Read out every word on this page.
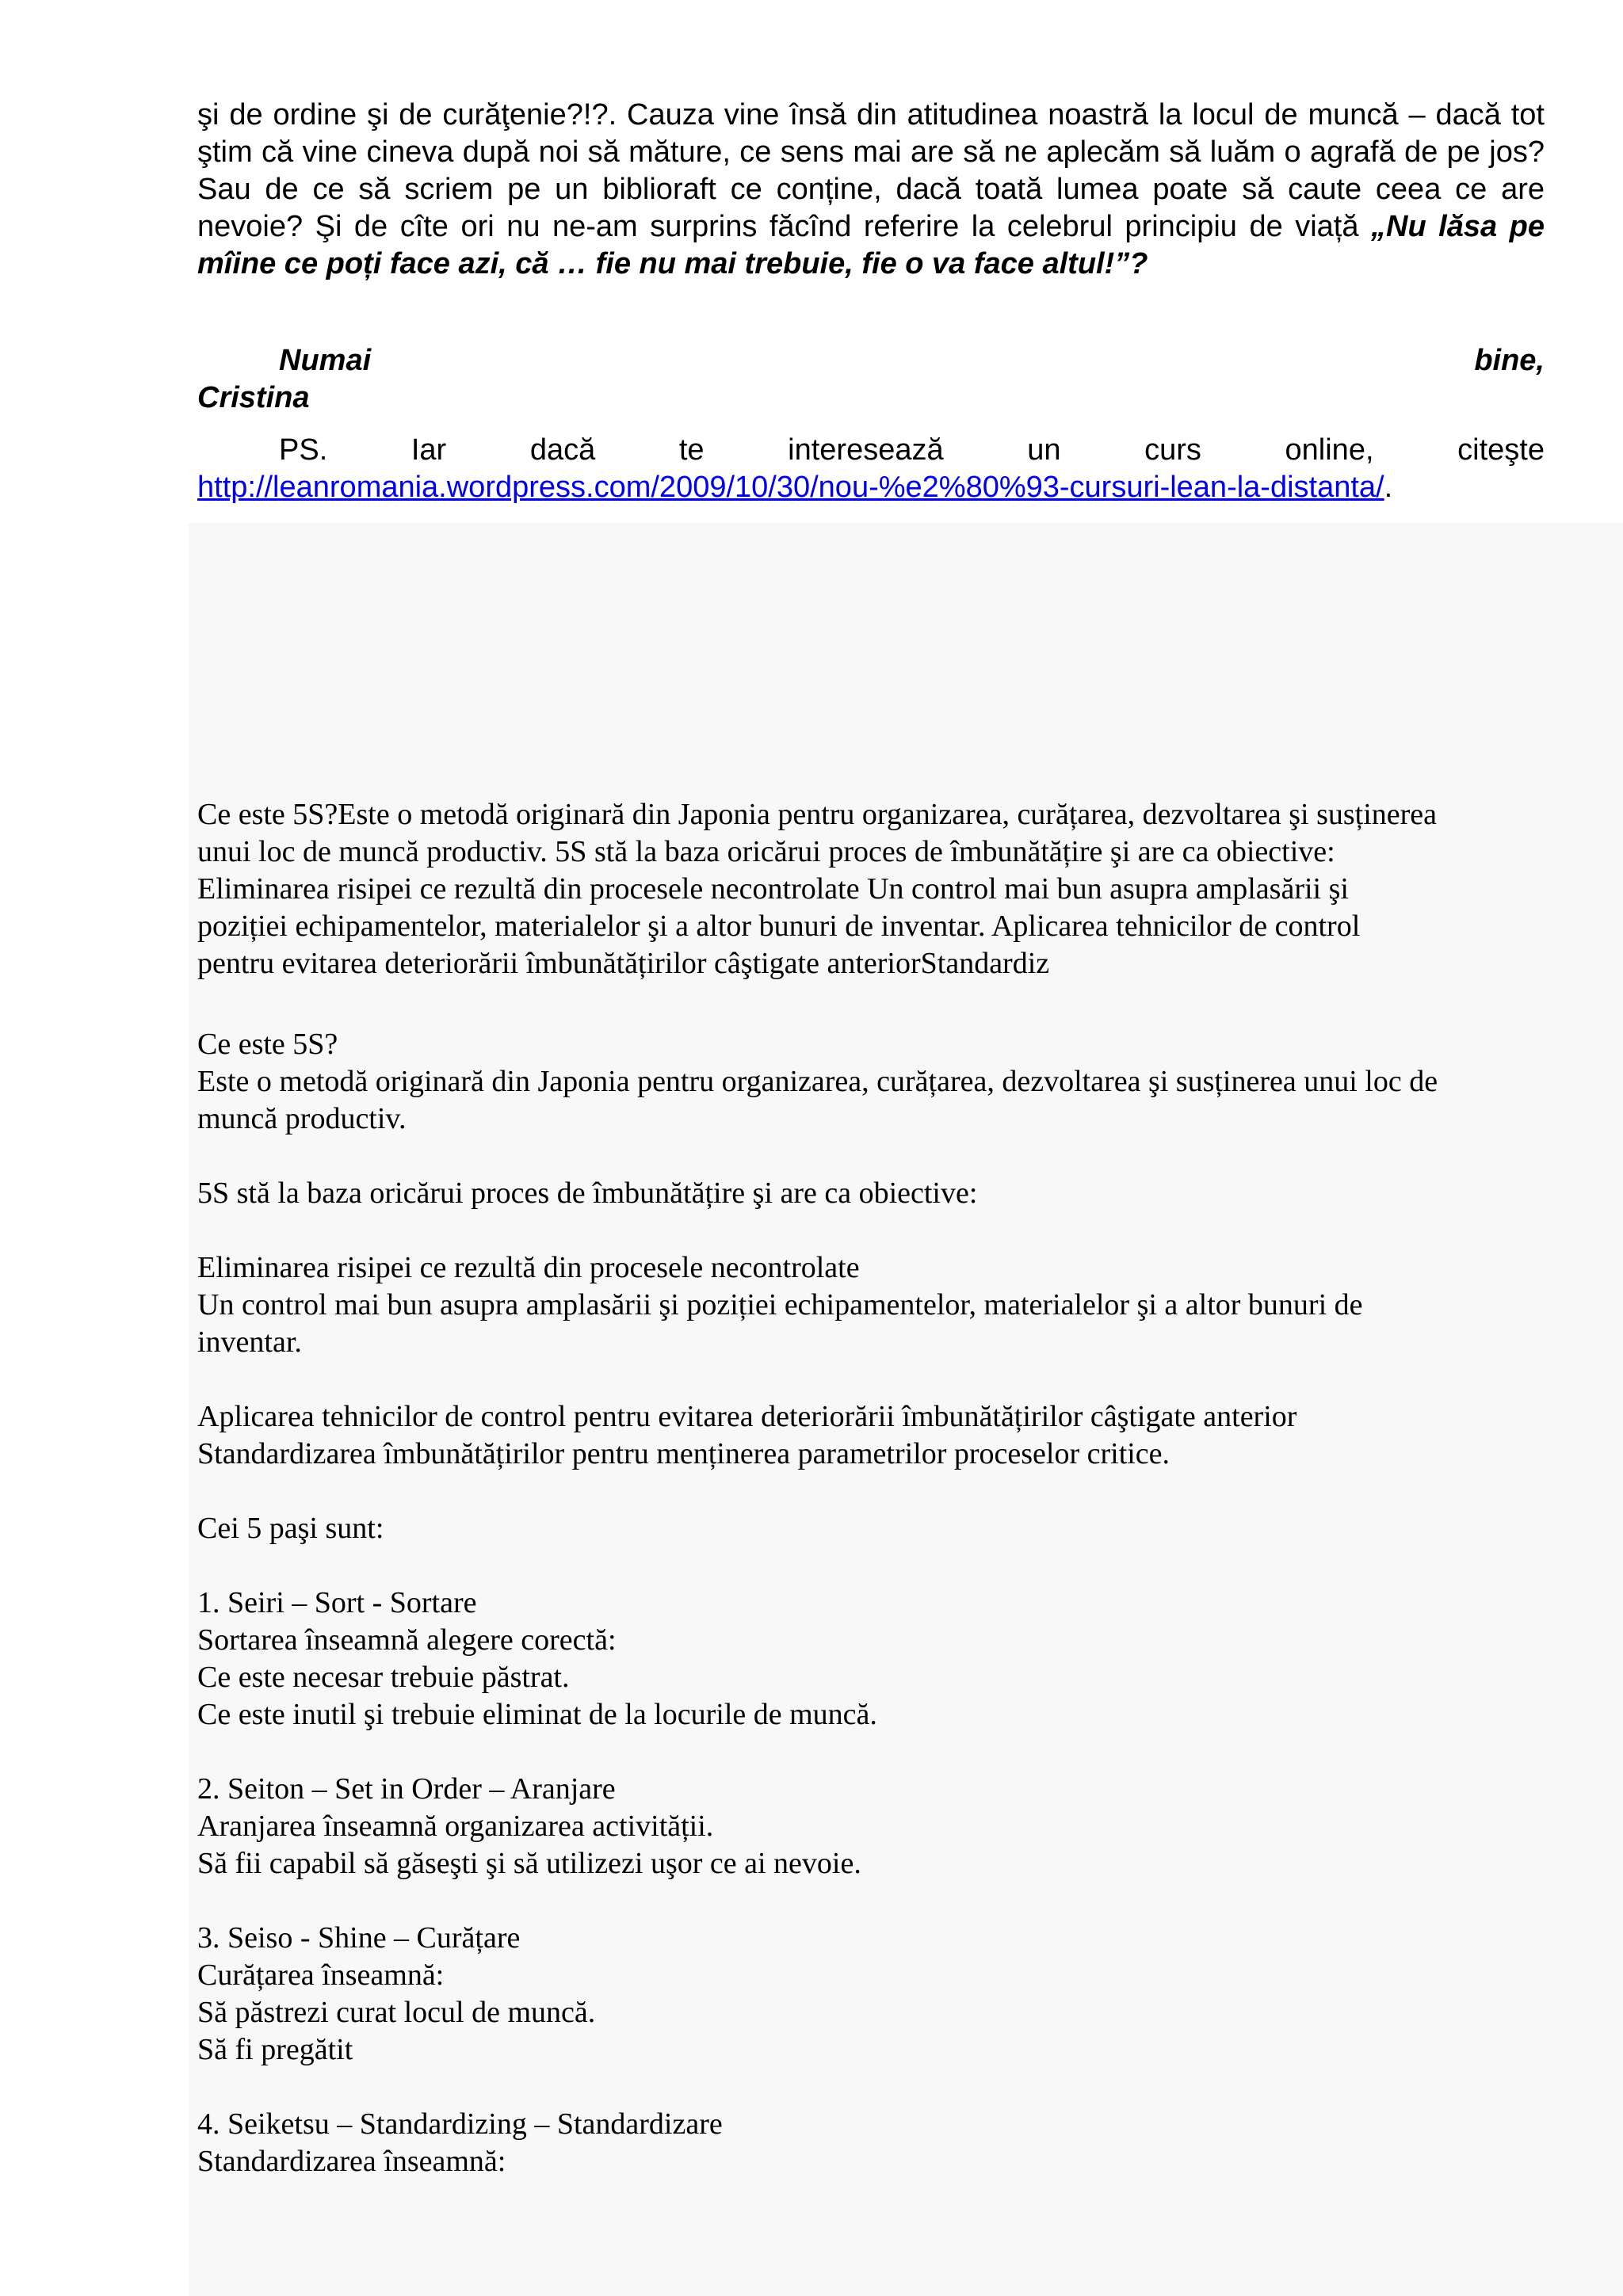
şi de ordine şi de curăţenie?!?. Cauza vine însă din atitudinea noastră la locul de muncă – dacă tot ştim că vine cineva după noi să măture, ce sens mai are să ne aplecăm să luăm o agrafă de pe jos? Sau de ce să scriem pe un biblioraft ce conține, dacă toată lumea poate să caute ceea ce are nevoie? Şi de cîte ori nu ne-am surprins făcînd referire la celebrul principiu de viață „Nu lăsa pe mîine ce poți face azi, că … fie nu mai trebuie, fie o va face altul!”?
Numai	bine,
Cristina
PS.	Iar	dacă	te	interesează	un	curs	online,	citeşte
http://leanromania.wordpress.com/2009/10/30/nou-%e2%80%93-cursuri-lean-la-distanta/.
Ce este 5S?Este o metodă originară din Japonia pentru organizarea, curățarea, dezvoltarea şi susținerea
unui loc de muncă productiv. 5S stă la baza oricărui proces de îmbunătățire şi are ca obiective:
Eliminarea risipei ce rezultă din procesele necontrolate Un control mai bun asupra amplasării şi
poziției echipamentelor, materialelor şi a altor bunuri de inventar. Aplicarea tehnicilor de control
pentru evitarea deteriorării îmbunătățirilor câştigate anteriorStandardiz

Ce este 5S?

Este o metodă originară din Japonia pentru organizarea, curățarea, dezvoltarea şi susținerea unui loc de

muncă productiv.

5S stă la baza oricărui proces de îmbunătățire şi are ca obiective:

Eliminarea risipei ce rezultă din procesele necontrolate

Un control mai bun asupra amplasării şi poziției echipamentelor, materialelor şi a altor bunuri de

inventar.

Aplicarea tehnicilor de control pentru evitarea deteriorării îmbunătățirilor câştigate anterior

Standardizarea îmbunătățirilor pentru menținerea parametrilor proceselor critice.

Cei 5 paşi sunt:

1. Seiri – Sort - Sortare

Sortarea înseamnă alegere corectă:

Ce este necesar trebuie păstrat.

Ce este inutil şi trebuie eliminat de la locurile de muncă.

2. Seiton – Set in Order – Aranjare

Aranjarea înseamnă organizarea activității.

Să fii capabil să găseşti şi să utilizezi uşor ce ai nevoie.

3. Seiso - Shine – Curățare

Curățarea înseamnă:

Să păstrezi curat locul de muncă.

Să fi pregătit

4. Seiketsu – Standardizing – Standardizare

Standardizarea înseamnă:
